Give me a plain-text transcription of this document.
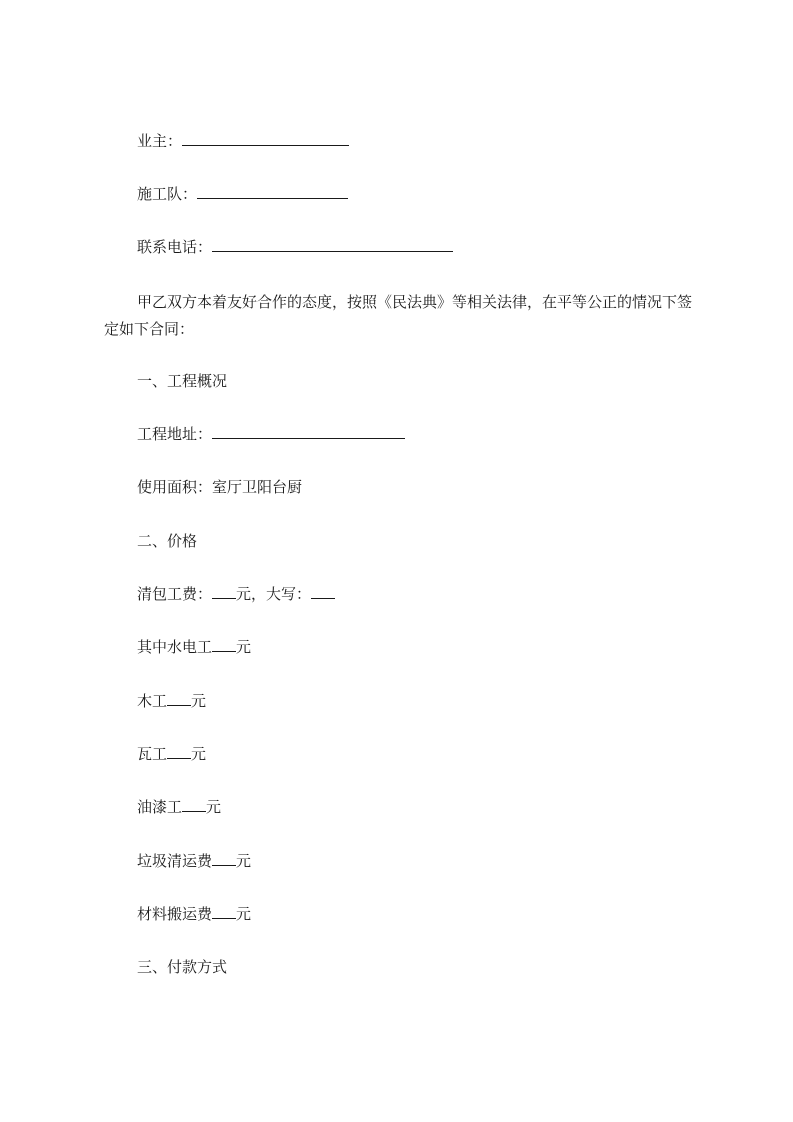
业主：
施工队：
联系电话：
甲乙双方本着友好合作的态度，按照《民法典》等相关法律，在平等公正的情况下签定如下合同：
一、工程概况
工程地址：
使用面积：室厅卫阳台厨
二、价格
清包工费： 元，大写：
其中水电工 元
木工 元
瓦工 元
油漆工 元
垃圾清运费 元
材料搬运费 元
三、付款方式
